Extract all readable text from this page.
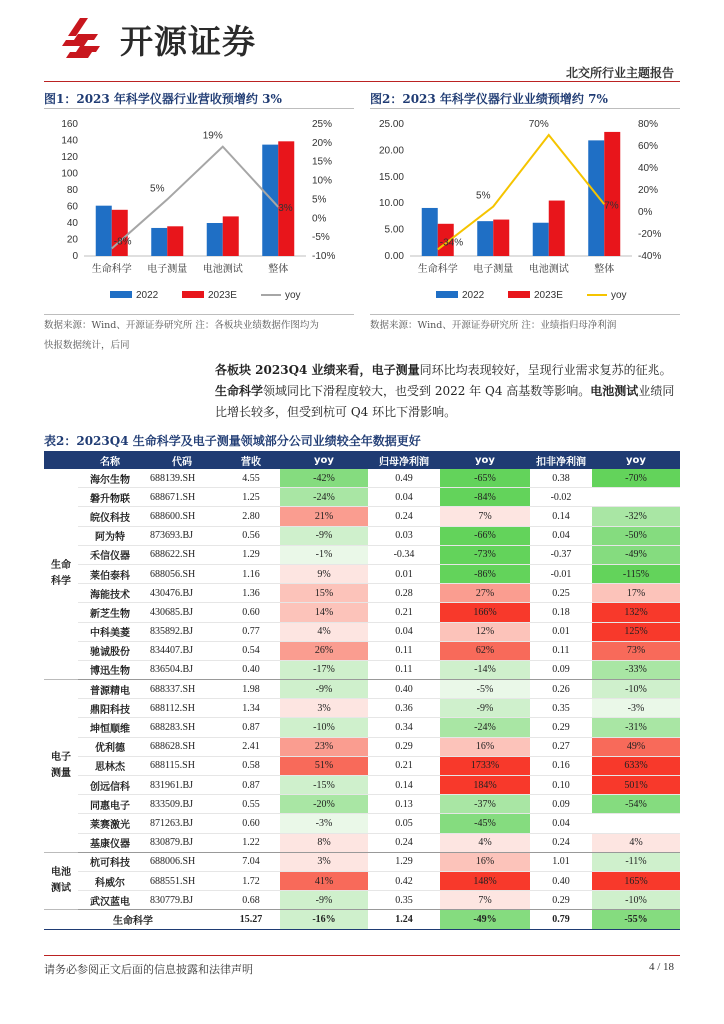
开源证券
北交所行业主题报告
图1：2023 年科学仪器行业营收预增约 3%	图2：2023 年科学仪器行业业绩预增约 7%
0
20
40
60
80
100
120
140
160
-10%
-5%
0%
5%
10%
15%
20%
25%
生命科学 电子测量 电池测试	整体
-8%
5%
19%
3%
2022	2023E	yoy
0.00
5.00
10.00
15.00
20.00
25.00
-40%
-20%
0%
20%
40%
60%
80%
生命科学 电子测量 电池测试	整体
-34%
5%
70%
7%
2022	2023E	yoy
数据来源：Wind、开源证券研究所 注：各板块业绩数据作图均为
快报数据统计，后同
数据来源：Wind、开源证券研究所 注：业绩指归母净利润
各板块 2023Q4 业绩来看，电子测量同环比均表现较好，呈现行业需求复苏的征兆。生命科学领域同比下滑程度较大，也受到 2022 年 Q4 高基数等影响。电池测试业绩同比增长较多，但受到杭可 Q4 环比下滑影响。
表2：2023Q4 生命科学及电子测量领域部分公司业绩较全年数据更好
	名称	代码	营收	yoy	归母净利润	yoy	扣非净利润	yoy
生命
科学	海尔生物	688139.SH	4.55	-42%	0.49	-65%	0.38	-70%
	磐升物联	688671.SH	1.25	-24%	0.04	-84%	-0.02	
	皖仪科技	688600.SH	2.80	21%	0.24	7%	0.14	-32%
	阿为特	873693.BJ	0.56	-9%	0.03	-66%	0.04	-50%
	禾信仪器	688622.SH	1.29	-1%	-0.34	-73%	-0.37	-49%
	莱伯泰科	688056.SH	1.16	9%	0.01	-86%	-0.01	-115%
	海能技术	430476.BJ	1.36	15%	0.28	27%	0.25	17%
	新芝生物	430685.BJ	0.60	14%	0.21	166%	0.18	132%
	中科美菱	835892.BJ	0.77	4%	0.04	12%	0.01	125%
	驰诚股份	834407.BJ	0.54	26%	0.11	62%	0.11	73%
	博迅生物	836504.BJ	0.40	-17%	0.11	-14%	0.09	-33%
电子
测量	普源精电	688337.SH	1.98	-9%	0.40	-5%	0.26	-10%
	鼎阳科技	688112.SH	1.34	3%	0.36	-9%	0.35	-3%
	坤恒顺维	688283.SH	0.87	-10%	0.34	-24%	0.29	-31%
	优利德	688628.SH	2.41	23%	0.29	16%	0.27	49%
	思林杰	688115.SH	0.58	51%	0.21	1733%	0.16	633%
	创远信科	831961.BJ	0.87	-15%	0.14	184%	0.10	501%
	同惠电子	833509.BJ	0.55	-20%	0.13	-37%	0.09	-54%
	莱赛激光	871263.BJ	0.60	-3%	0.05	-45%	0.04	
	基康仪器	830879.BJ	1.22	8%	0.24	4%	0.24	4%
电池
测试	杭可科技	688006.SH	7.04	3%	1.29	16%	1.01	-11%
	科威尔	688551.SH	1.72	41%	0.42	148%	0.40	165%
	武汉蓝电	830779.BJ	0.68	-9%	0.35	7%	0.29	-10%
生命科学			15.27	-16%	1.24	-49%	0.79	-55%
请务必参阅正文后面的信息披露和法律声明	4 / 18
